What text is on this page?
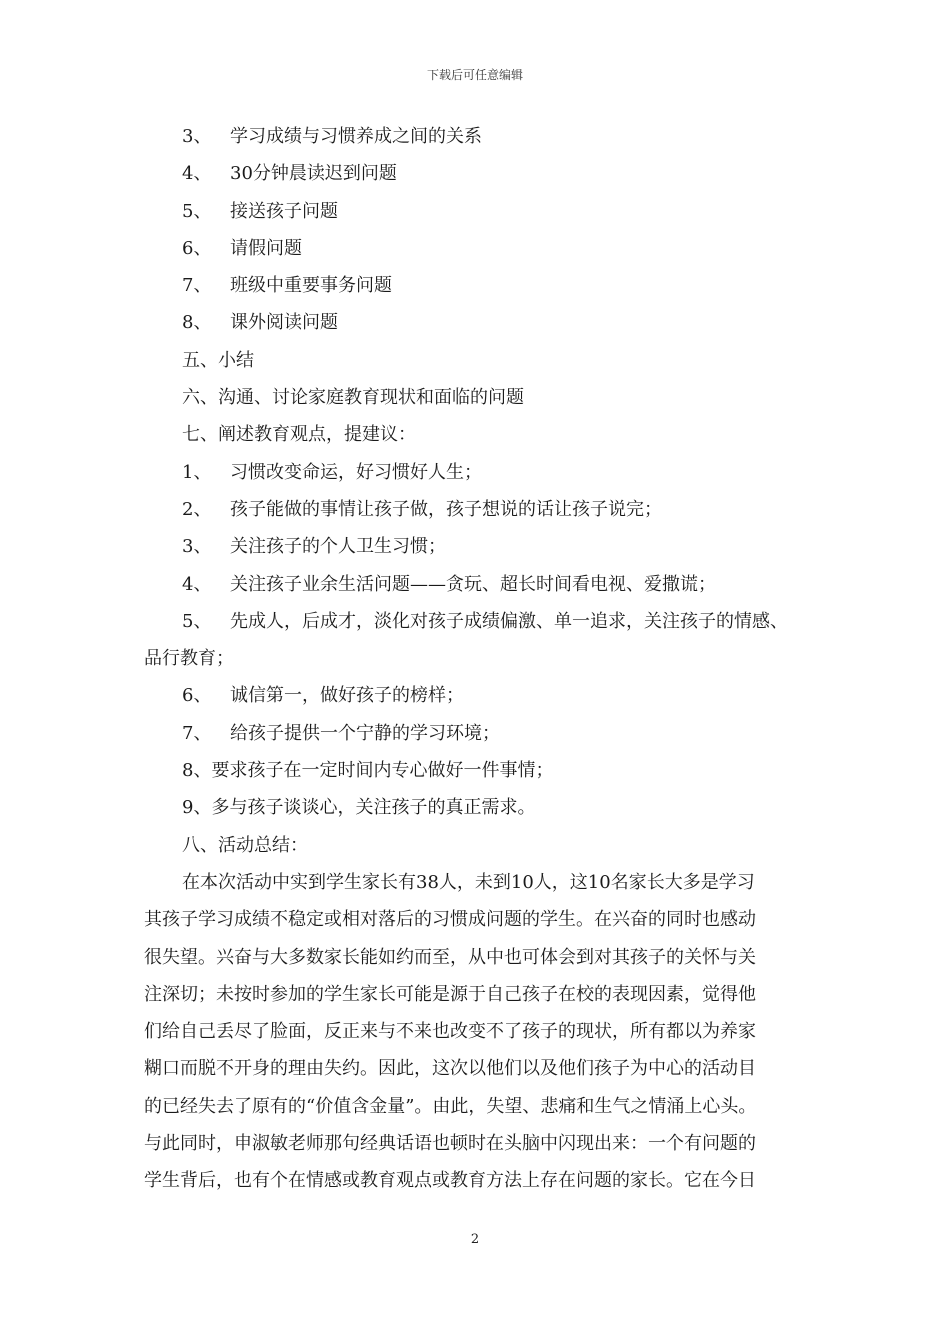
下载后可任意编辑
3、 学习成绩与习惯养成之间的关系
4、 30分钟晨读迟到问题
5、 接送孩子问题
6、 请假问题
7、 班级中重要事务问题
8、 课外阅读问题
五、小结
六、沟通、讨论家庭教育现状和面临的问题
七、阐述教育观点，提建议：
1、 习惯改变命运，好习惯好人生；
2、 孩子能做的事情让孩子做，孩子想说的话让孩子说完；
3、 关注孩子的个人卫生习惯；
4、 关注孩子业余生活问题——贪玩、超长时间看电视、爱撒谎；
5、 先成人，后成才，淡化对孩子成绩偏激、单一追求，关注孩子的情感、
品行教育；
6、 诚信第一，做好孩子的榜样；
7、 给孩子提供一个宁静的学习环境；
8、要求孩子在一定时间内专心做好一件事情；
9、多与孩子谈谈心，关注孩子的真正需求。
八、活动总结：
在本次活动中实到学生家长有38人，未到10人，这10名家长大多是学习
其孩子学习成绩不稳定或相对落后的习惯成问题的学生。在兴奋的同时也感动
很失望。兴奋与大多数家长能如约而至，从中也可体会到对其孩子的关怀与关
注深切；未按时参加的学生家长可能是源于自己孩子在校的表现因素，觉得他
们给自己丢尽了脸面，反正来与不来也改变不了孩子的现状，所有都以为养家
糊口而脱不开身的理由失约。因此，这次以他们以及他们孩子为中心的活动目
的已经失去了原有的“价值含金量”。由此，失望、悲痛和生气之情涌上心头。
与此同时，申淑敏老师那句经典话语也顿时在头脑中闪现出来：一个有问题的
学生背后，也有个在情感或教育观点或教育方法上存在问题的家长。它在今日
2
